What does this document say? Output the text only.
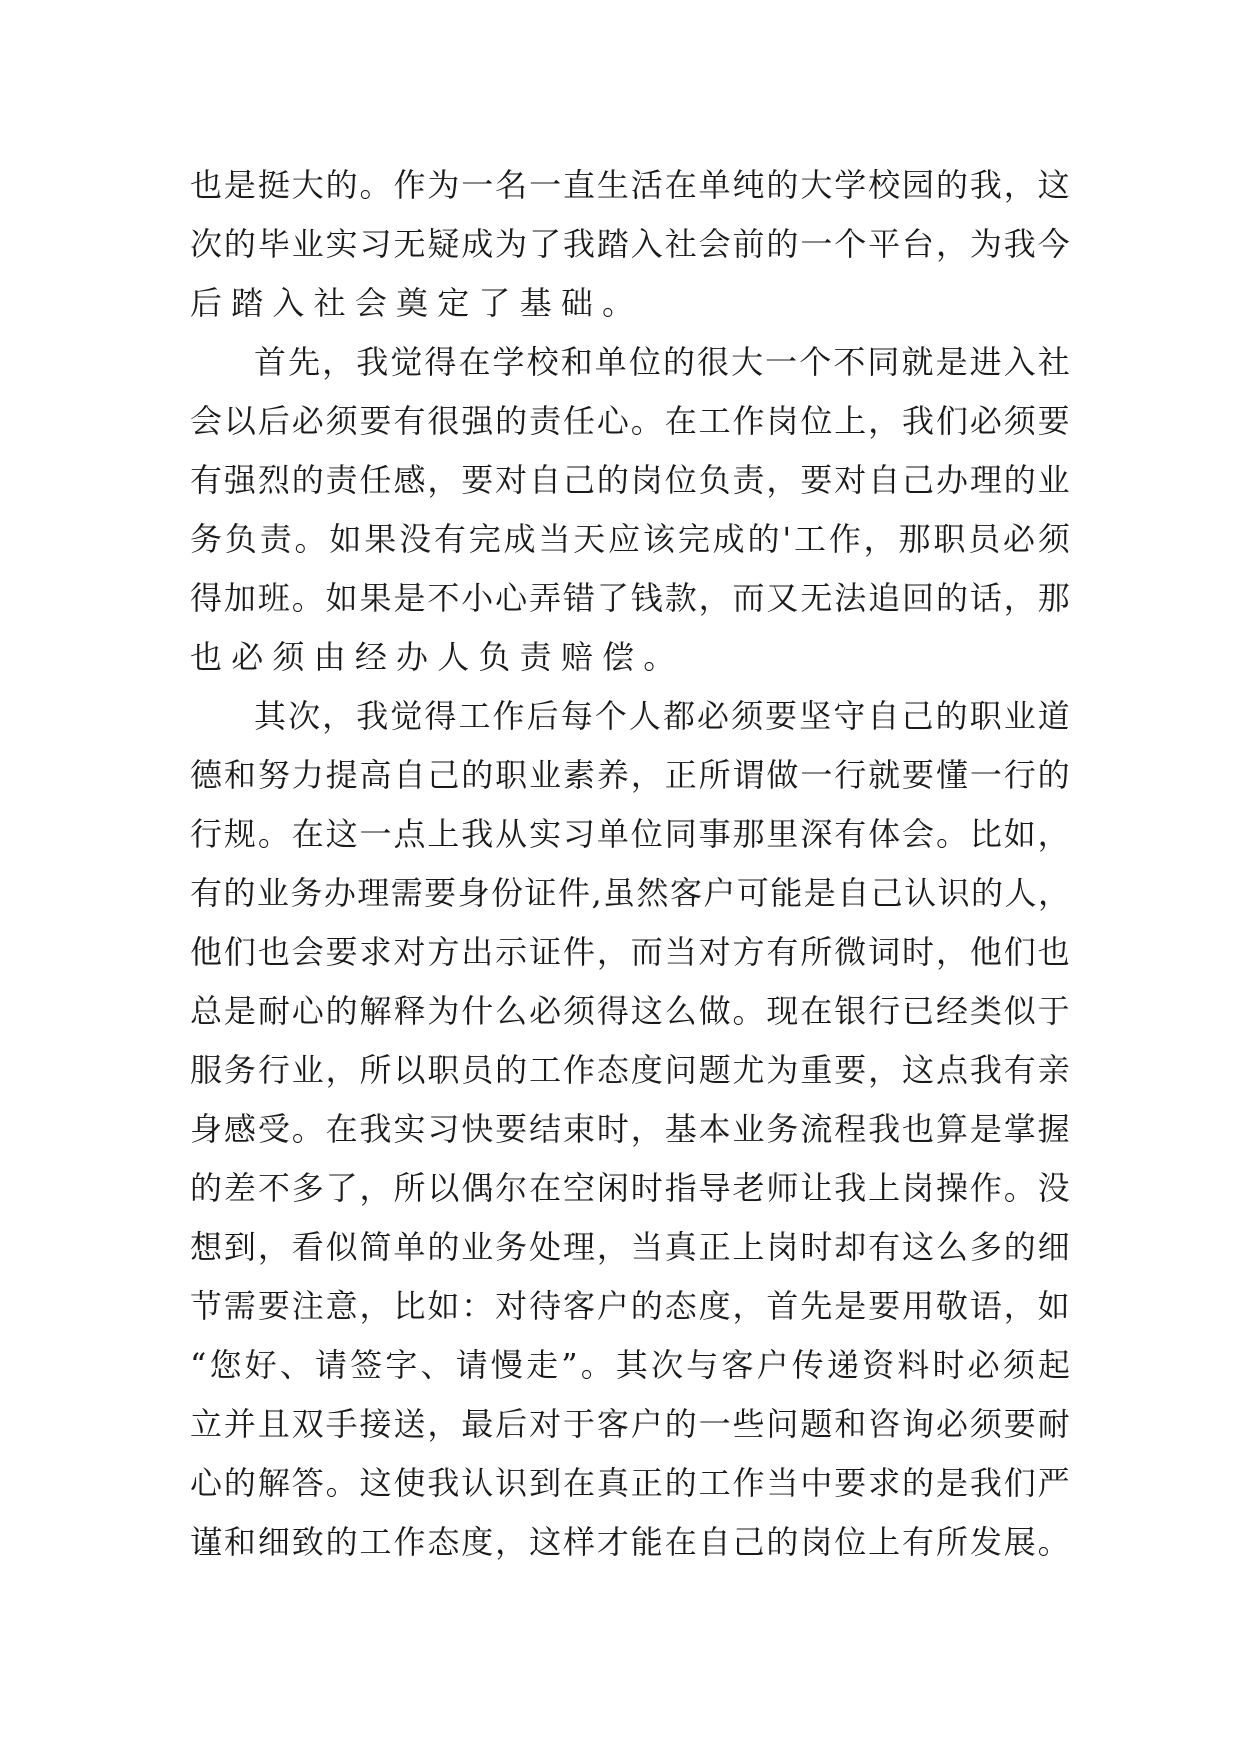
也 是 挺 大 的 。 作 为 一 名 一 直 生 活 在 单 纯 的 大 学 校 园 的 我 ， 这
次 的 毕 业 实 习 无 疑 成 为 了 我 踏 入 社 会 前 的 一 个 平 台 ， 为 我 今
后 踏 入 社 会 奠 定 了 基 础 。
首 先 ， 我 觉 得 在 学 校 和 单 位 的 很 大 一 个 不 同 就 是 进 入 社
会 以 后 必 须 要 有 很 强 的 责 任 心 。 在 工 作 岗 位 上 ， 我 们 必 须 要
有 强 烈 的 责 任 感 ， 要 对 自 己 的 岗 位 负 责 ， 要 对 自 己 办 理 的 业
务 负 责 。 如 果 没 有 完 成 当 天 应 该 完 成 的 ' 工 作 ， 那 职 员 必 须
得 加 班 。 如 果 是 不 小 心 弄 错 了 钱 款 ， 而 又 无 法 追 回 的 话 ， 那
也 必 须 由 经 办 人 负 责 赔 偿 。
其 次 ， 我 觉 得 工 作 后 每 个 人 都 必 须 要 坚 守 自 己 的 职 业 道
德 和 努 力 提 高 自 己 的 职 业 素 养 ， 正 所 谓 做 一 行 就 要 懂 一 行 的
行 规 。 在 这 一 点 上 我 从 实 习 单 位 同 事 那 里 深 有 体 会 。 比 如 ，
有 的 业 务 办 理 需 要 身 份 证 件 , 虽 然 客 户 可 能 是 自 己 认 识 的 人 ，
他 们 也 会 要 求 对 方 出 示 证 件 ， 而 当 对 方 有 所 微 词 时 ， 他 们 也
总 是 耐 心 的 解 释 为 什 么 必 须 得 这 么 做 。 现 在 银 行 已 经 类 似 于
服 务 行 业 ， 所 以 职 员 的 工 作 态 度 问 题 尤 为 重 要 ， 这 点 我 有 亲
身 感 受 。 在 我 实 习 快 要 结 束 时 ， 基 本 业 务 流 程 我 也 算 是 掌 握
的 差 不 多 了 ， 所 以 偶 尔 在 空 闲 时 指 导 老 师 让 我 上 岗 操 作 。 没
想 到 ， 看 似 简 单 的 业 务 处 理 ， 当 真 正 上 岗 时 却 有 这 么 多 的 细
节 需 要 注 意 ， 比 如 ： 对 待 客 户 的 态 度 ， 首 先 是 要 用 敬 语 ， 如
“ 您 好 、 请 签 字 、 请 慢 走 ” 。 其 次 与 客 户 传 递 资 料 时 必 须 起
立 并 且 双 手 接 送 ， 最 后 对 于 客 户 的 一 些 问 题 和 咨 询 必 须 要 耐
心 的 解 答 。 这 使 我 认 识 到 在 真 正 的 工 作 当 中 要 求 的 是 我 们 严
谨 和 细 致 的 工 作 态 度 ， 这 样 才 能 在 自 己 的 岗 位 上 有 所 发 展 。
